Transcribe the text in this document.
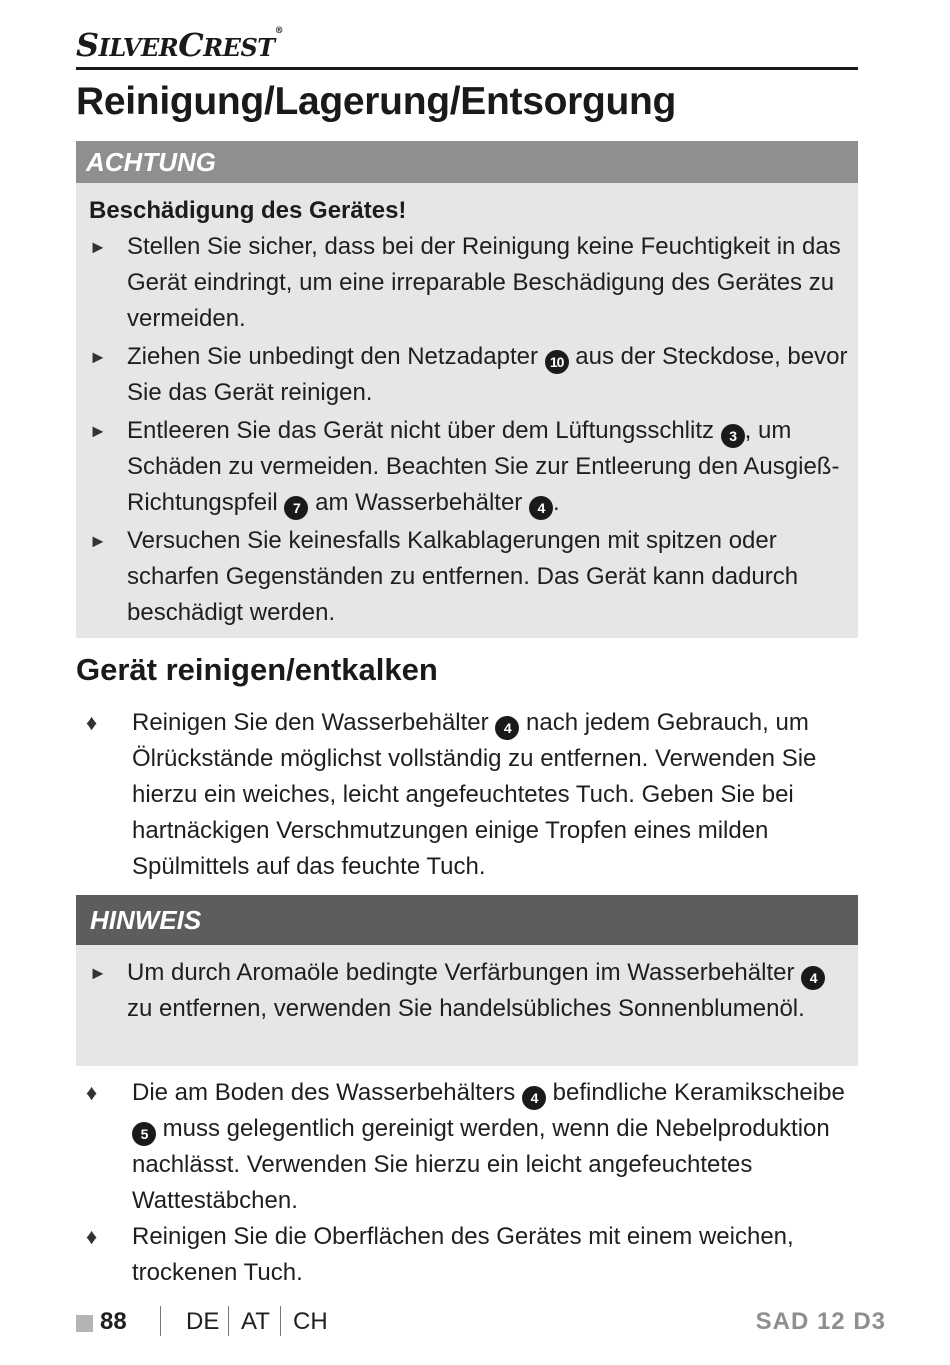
SILVERCREST®
Reinigung/Lagerung/Entsorgung
ACHTUNG
Beschädigung des Gerätes!
► Stellen Sie sicher, dass bei der Reinigung keine Feuchtigkeit in das Gerät eindringt, um eine irreparable Beschädigung des Gerätes zu vermeiden.
► Ziehen Sie unbedingt den Netzadapter 10 aus der Steckdose, bevor Sie das Gerät reinigen.
► Entleeren Sie das Gerät nicht über dem Lüftungsschlitz 3 , um Schäden zu vermeiden. Beachten Sie zur Entleerung den Ausgieß-Richtungspfeil 7 am Wasserbehälter 4 .
► Versuchen Sie keinesfalls Kalkablagerungen mit spitzen oder scharfen Gegenständen zu entfernen. Das Gerät kann dadurch beschädigt werden.
Gerät reinigen/entkalken
♦ Reinigen Sie den Wasserbehälter 4 nach jedem Gebrauch, um Ölrückstände möglichst vollständig zu entfernen. Verwenden Sie hierzu ein weiches, leicht angefeuchtetes Tuch. Geben Sie bei hartnäckigen Verschmutzungen einige Tropfen eines milden Spülmittels auf das feuchte Tuch.
HINWEIS
► Um durch Aromaöle bedingte Verfärbungen im Wasserbehälter 4 zu entfernen, verwenden Sie handelsübliches Sonnenblumenöl.
♦ Die am Boden des Wasserbehälters 4 befindliche Keramikscheibe 5 muss gelegentlich gereinigt werden, wenn die Nebelproduktion nachlässt. Verwenden Sie hierzu ein leicht angefeuchtetes Wattestäbchen.
♦ Reinigen Sie die Oberflächen des Gerätes mit einem weichen, trockenen Tuch.
88 DE AT CH	SAD 12 D3
